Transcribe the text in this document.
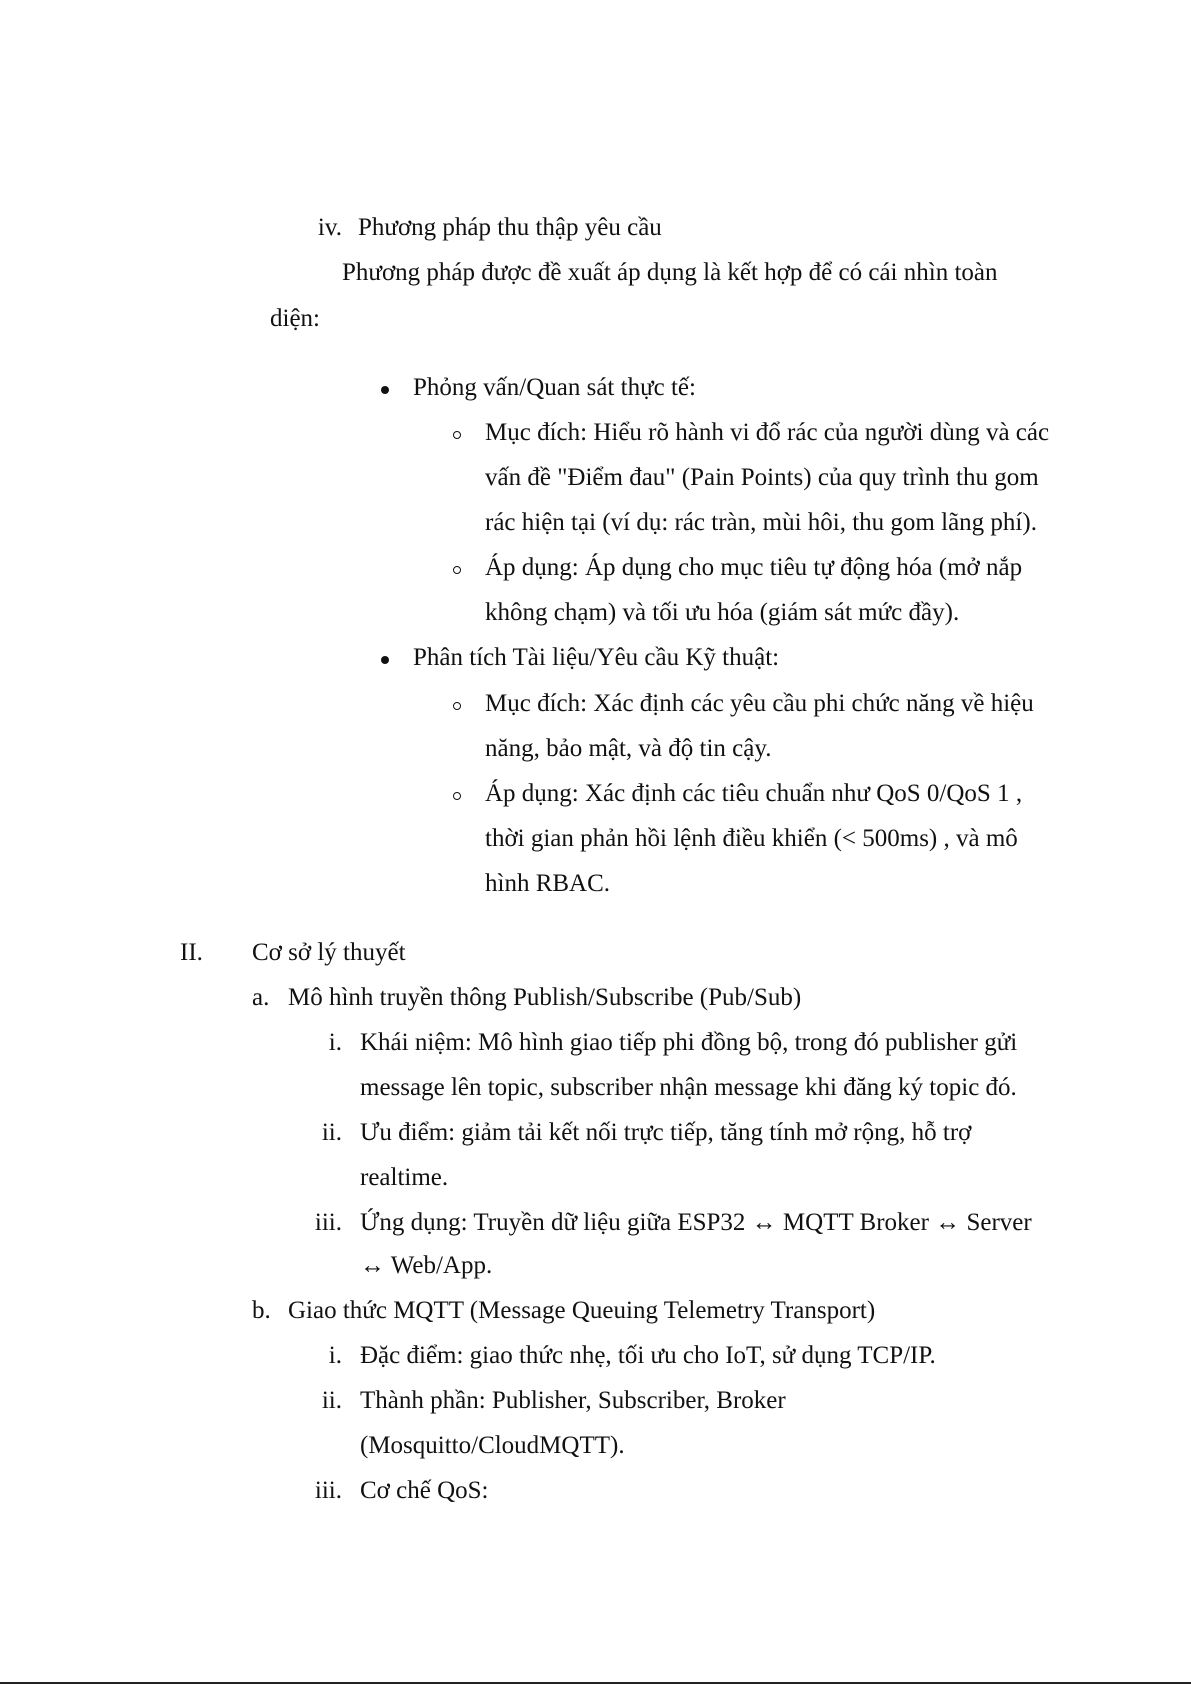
iv. Phương pháp thu thập yêu cầu
Phương pháp được đề xuất áp dụng là kết hợp để có cái nhìn toàn
diện:
Phỏng vấn/Quan sát thực tế:
Mục đích: Hiểu rõ hành vi đổ rác của người dùng và các
vấn đề "Điểm đau" (Pain Points) của quy trình thu gom
rác hiện tại (ví dụ: rác tràn, mùi hôi, thu gom lãng phí).
Áp dụng: Áp dụng cho mục tiêu tự động hóa (mở nắp
không chạm) và tối ưu hóa (giám sát mức đầy).
Phân tích Tài liệu/Yêu cầu Kỹ thuật:
Mục đích: Xác định các yêu cầu phi chức năng về hiệu
năng, bảo mật, và độ tin cậy.
Áp dụng: Xác định các tiêu chuẩn như QoS 0/QoS 1 ,
thời gian phản hồi lệnh điều khiển (< 500ms) , và mô
hình RBAC.
II. Cơ sở lý thuyết
a. Mô hình truyền thông Publish/Subscribe (Pub/Sub)
i. Khái niệm: Mô hình giao tiếp phi đồng bộ, trong đó publisher gửi
message lên topic, subscriber nhận message khi đăng ký topic đó.
ii. Ưu điểm: giảm tải kết nối trực tiếp, tăng tính mở rộng, hỗ trợ
realtime.
iii. Ứng dụng: Truyền dữ liệu giữa ESP32 ↔ MQTT Broker ↔ Server
↔ Web/App.
b. Giao thức MQTT (Message Queuing Telemetry Transport)
i. Đặc điểm: giao thức nhẹ, tối ưu cho IoT, sử dụng TCP/IP.
ii. Thành phần: Publisher, Subscriber, Broker
(Mosquitto/CloudMQTT).
iii. Cơ chế QoS:
